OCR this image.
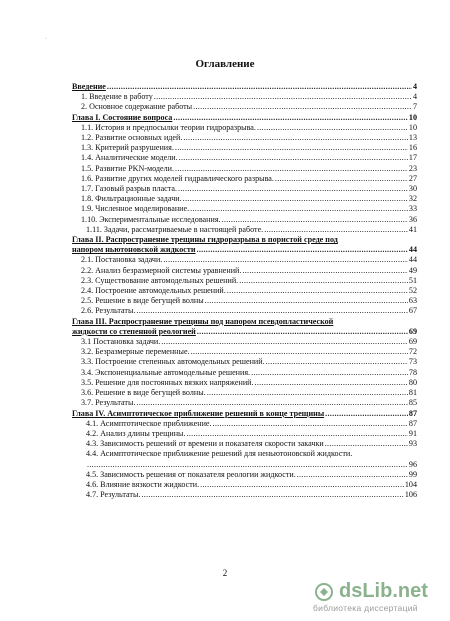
·
Оглавление
Введение .....	4
1. Введение в работу .....	4
2. Основное содержание работы .....	7
Глава I. Состояние вопроса .....	10
1.1. История и предпосылки теории гидроразрыва. .....	10
1.2. Развитие основных идей. .....	13
1.3. Критерий разрушения. .....	16
1.4. Аналитические модели. .....	17
1.5. Развитие PKN-модели. .....	23
1.6. Развитие других моделей гидравлического разрыва. .....	27
1.7. Газовый разрыв пласта. .....	30
1.8. Фильтрационные задачи. .....	32
1.9. Численное моделирование. .....	33
1.10. Экспериментальные исследования. .....	36
1.11. Задачи, рассматриваемые в настоящей работе. .....	41
Глава II. Распространение трещины гидроразрыва в пористой среде под
напором ньютоновской жидкости .....	44
2.1. Постановка задачи. .....	44
2.2. Анализ безразмерной системы уравнений. .....	49
2.3. Существование автомодельных решений. .....	51
2.4. Построение автомодельных решений. .....	52
2.5. Решение в виде бегущей волны .....	63
2.6. Результаты. .....	67
Глава III. Распространение трещины под напором псевдопластической
жидкости со степенной реологией .....	69
3.1 Постановка задачи. .....	69
3.2. Безразмерные переменные. .....	72
3.3. Построение степенных автомодельных решений. .....	73
3.4. Экспоненциальные автомодельные решения. .....	78
3.5. Решение для постоянных вязких напряжений. .....	80
3.6. Решение в виде бегущей волны. .....	81
3.7. Результаты. .....	85
Глава IV. Асимптотическое приближение решений в конце трещины .....	87
4.1. Асимптотическое приближение. .....	87
4.2. Анализ длины трещины. .....	91
4.3. Зависимость решений от времени и показателя скорости закачки .....	93
4.4. Асимптотическое приближение решений для неньютоновской жидкости.
.....
96
4.5. Зависимость решения от показателя реологии жидкости. .....	99
4.6. Влияние вязкости жидкости. .....	104
4.7. Результаты. .....	106
2
dsLib.net
библиотека диссертаций
